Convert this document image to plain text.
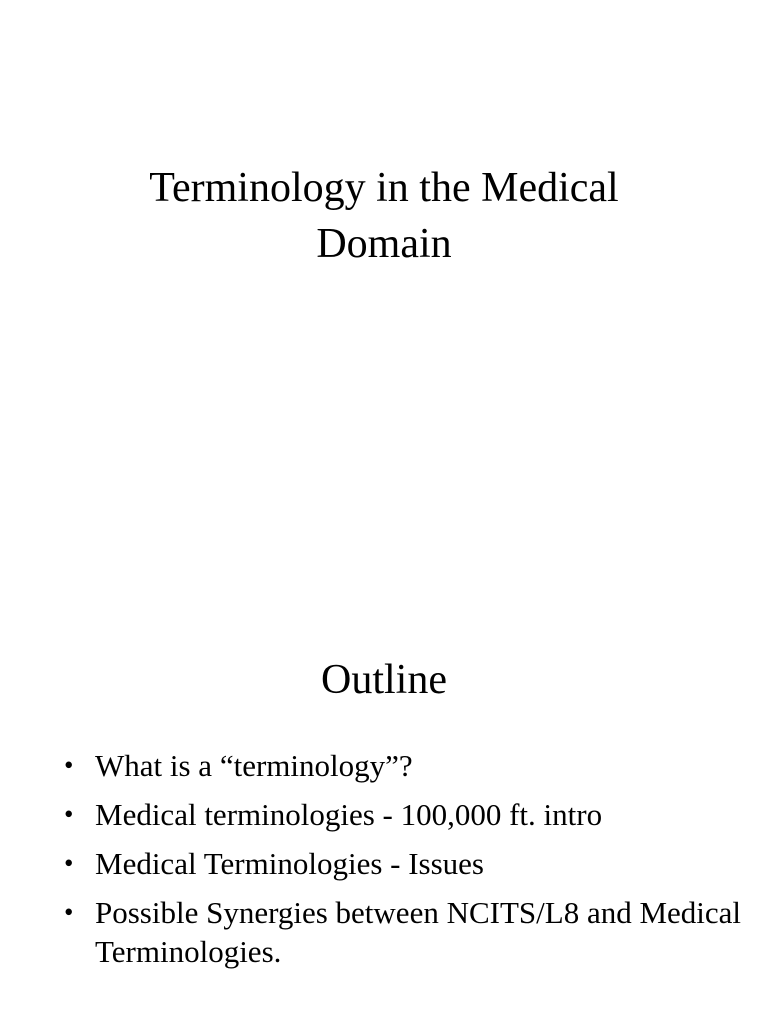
Terminology in the Medical
Domain
Outline
• What is a “terminology”?
• Medical terminologies - 100,000 ft. intro
• Medical Terminologies - Issues
• Possible Synergies between NCITS/L8 and Medical Terminologies.
